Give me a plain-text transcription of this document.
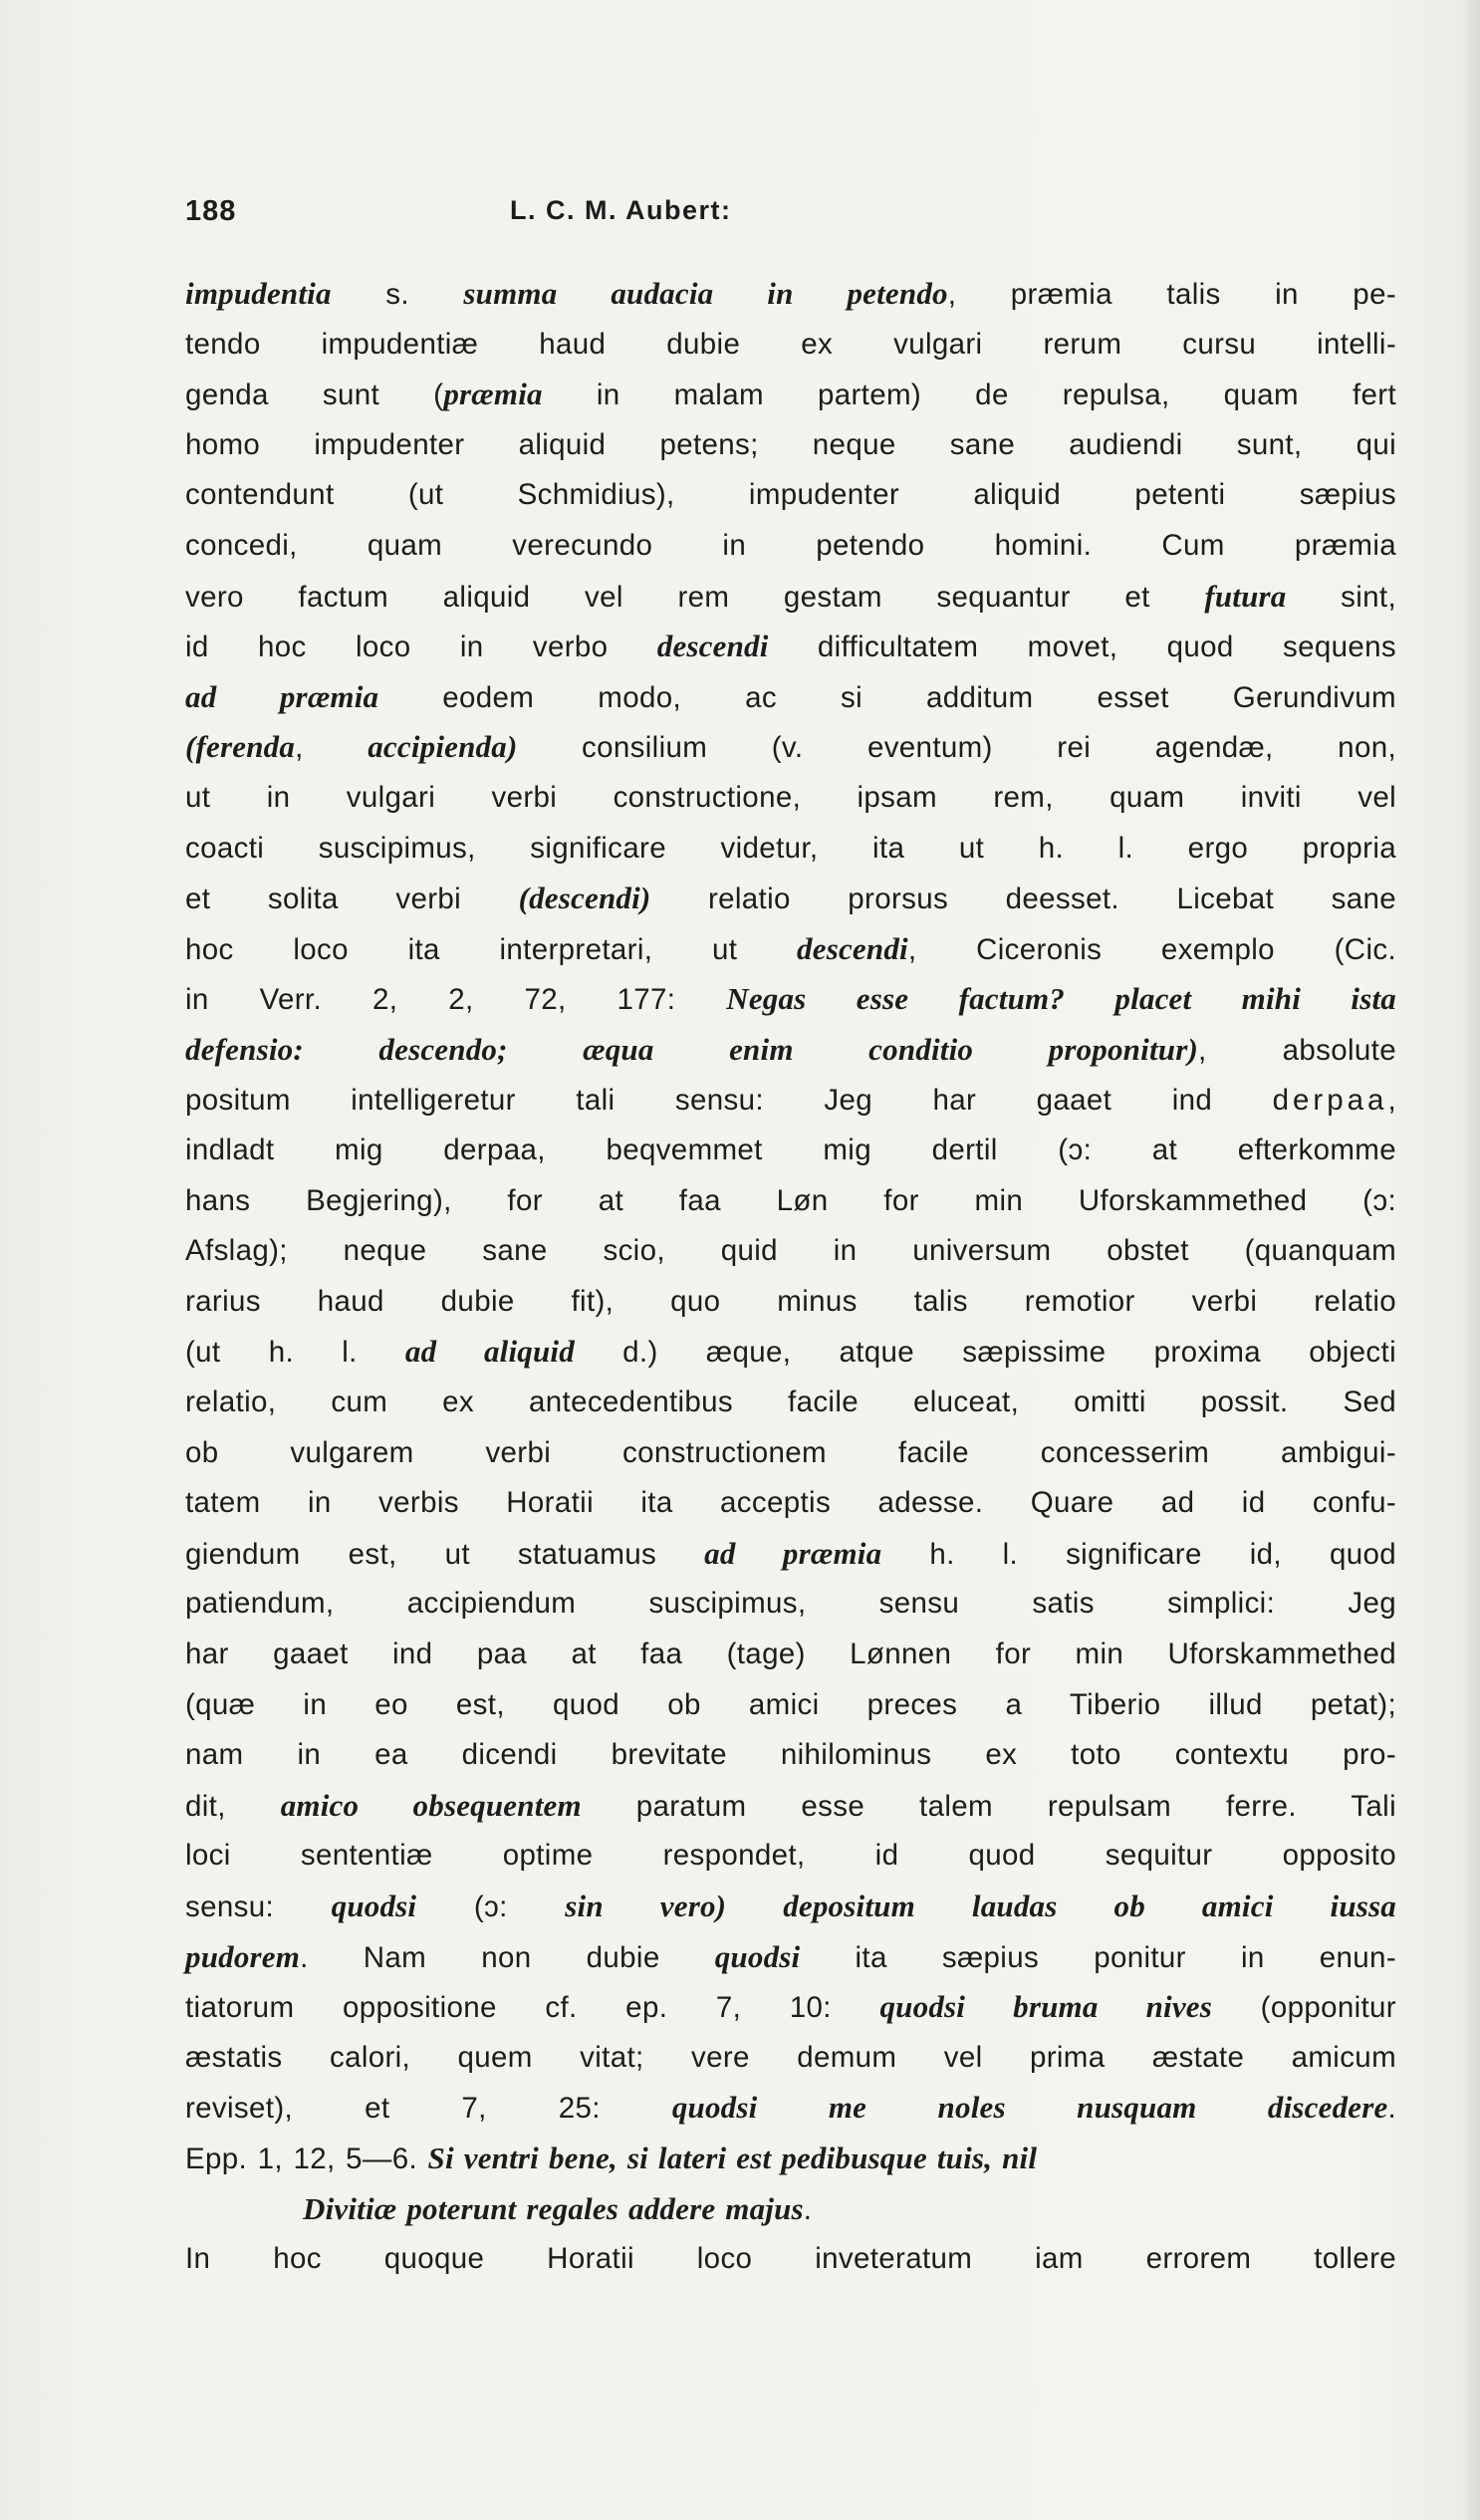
188	L. C. M. Aubert:
impudentia s. summa audacia in petendo, præmia talis in pe-
tendo impudentiæ haud dubie ex vulgari rerum cursu intelli-
genda sunt (præmia in malam partem) de repulsa, quam fert
homo impudenter aliquid petens; neque sane audiendi sunt, qui
contendunt (ut Schmidius), impudenter aliquid petenti sæpius
concedi, quam verecundo in petendo homini. Cum præmia
vero factum aliquid vel rem gestam sequantur et futura sint,
id hoc loco in verbo descendi difficultatem movet, quod sequens
ad præmia eodem modo, ac si additum esset Gerundivum
(ferenda, accipienda) consilium (v. eventum) rei agendæ, non,
ut in vulgari verbi constructione, ipsam rem, quam inviti vel
coacti suscipimus, significare videtur, ita ut h. l. ergo propria
et solita verbi (descendi) relatio prorsus deesset. Licebat sane
hoc loco ita interpretari, ut descendi, Ciceronis exemplo (Cic.
in Verr. 2, 2, 72, 177: Negas esse factum? placet mihi ista
defensio: descendo; æqua enim conditio proponitur), absolute
positum intelligeretur tali sensu: Jeg har gaaet ind derpaa,
indladt mig derpaa, beqvemmet mig dertil (ɔ: at efterkomme
hans Begjering), for at faa Løn for min Uforskammethed (ɔ:
Afslag); neque sane scio, quid in universum obstet (quanquam
rarius haud dubie fit), quo minus talis remotior verbi relatio
(ut h. l. ad aliquid d.) æque, atque sæpissime proxima objecti
relatio, cum ex antecedentibus facile eluceat, omitti possit. Sed
ob vulgarem verbi constructionem facile concesserim ambigui-
tatem in verbis Horatii ita acceptis adesse. Quare ad id confu-
giendum est, ut statuamus ad præmia h. l. significare id, quod
patiendum, accipiendum suscipimus, sensu satis simplici: Jeg
har gaaet ind paa at faa (tage) Lønnen for min Uforskammethed
(quæ in eo est, quod ob amici preces a Tiberio illud petat);
nam in ea dicendi brevitate nihilominus ex toto contextu pro-
dit, amico obsequentem paratum esse talem repulsam ferre. Tali
loci sententiæ optime respondet, id quod sequitur opposito
sensu: quodsi (ɔ: sin vero) depositum laudas ob amici iussa
pudorem. Nam non dubie quodsi ita sæpius ponitur in enun-
tiatorum oppositione cf. ep. 7, 10: quodsi bruma nives (opponitur
æstatis calori, quem vitat; vere demum vel prima æstate amicum
reviset), et 7, 25: quodsi me noles nusquam discedere.
Epp. 1, 12, 5—6. Si ventri bene, si lateri est pedibusque tuis, nil
Divitiæ poterunt regales addere majus.
In hoc quoque Horatii loco inveteratum iam errorem tollere
